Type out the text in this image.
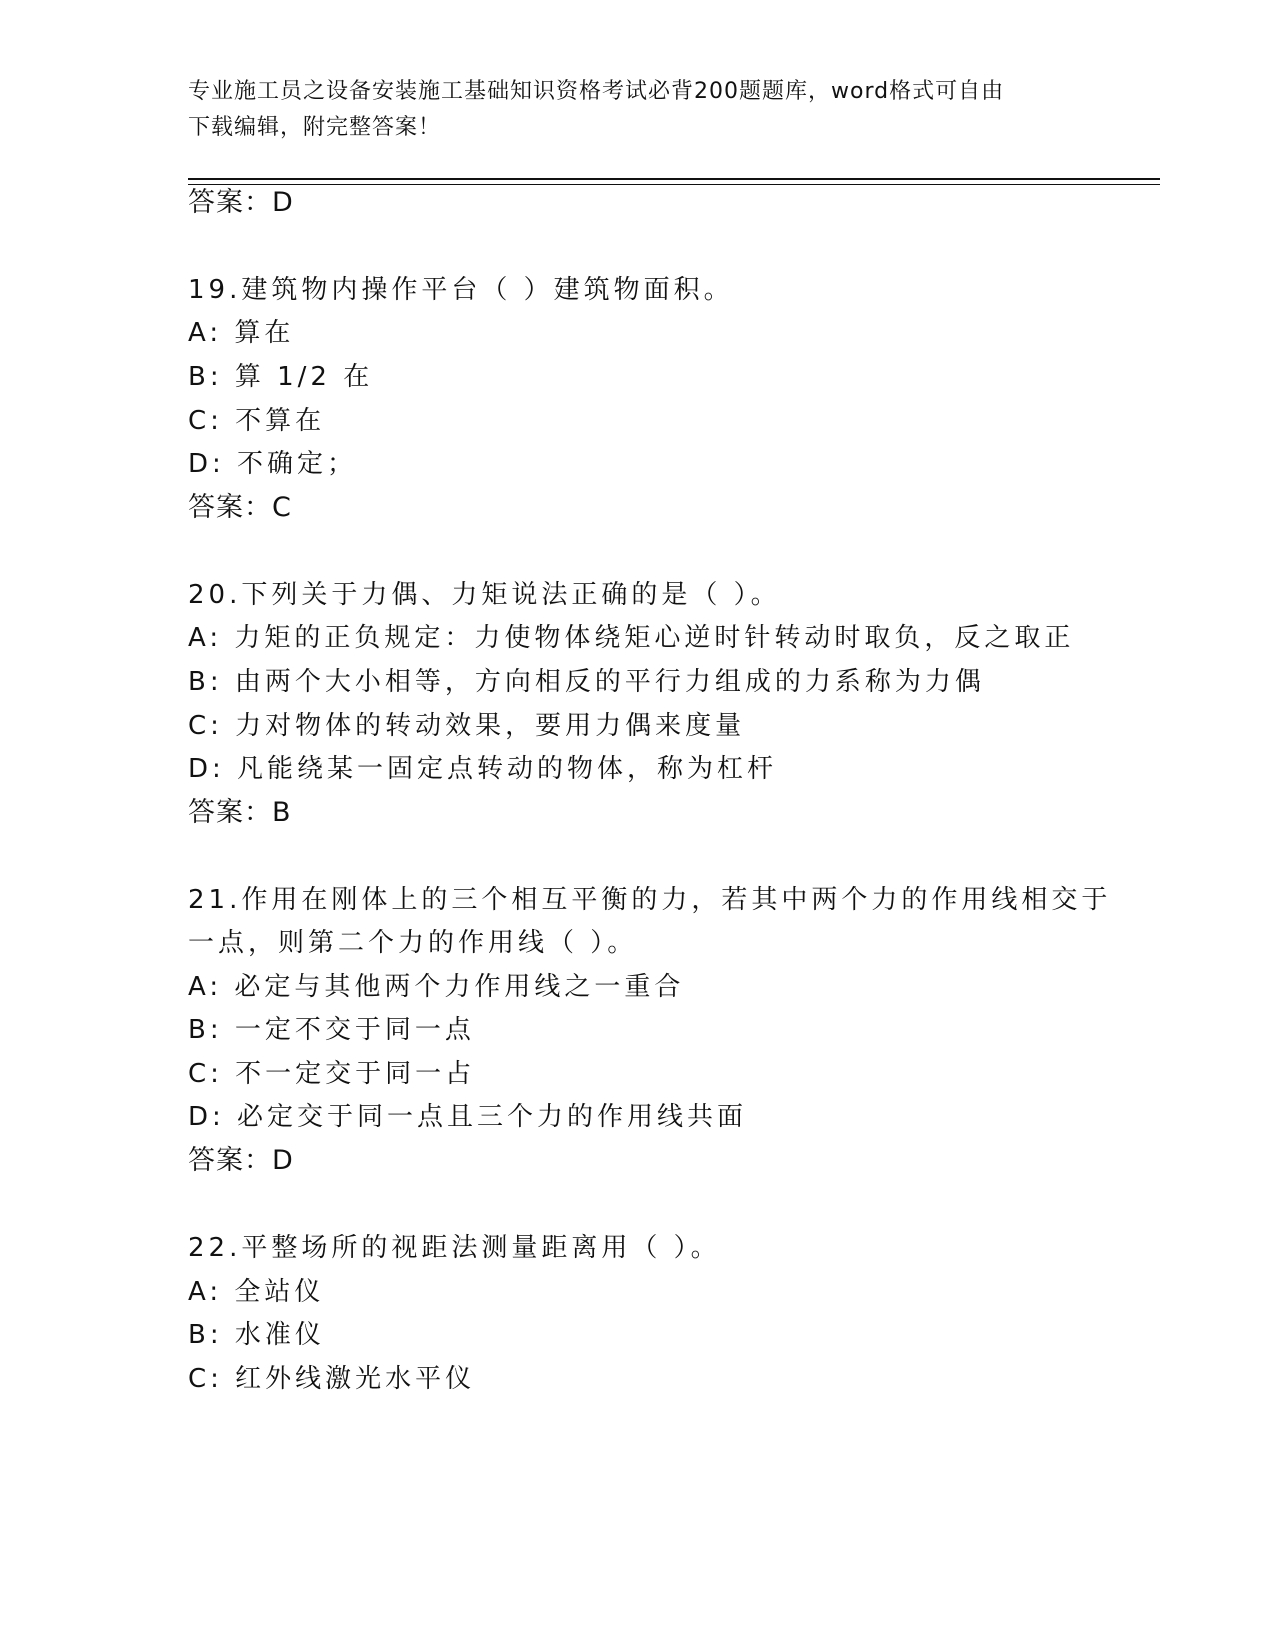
专业施工员之设备安装施工基础知识资格考试必背200题题库，word格式可自由
下载编辑，附完整答案！
答案：D
19.建筑物内操作平台（ ）建筑物面积。
A: 算在
B: 算 1/2 在
C: 不算在
D: 不确定；
答案：C
20.下列关于力偶、力矩说法正确的是（ ）。
A: 力矩的正负规定：力使物体绕矩心逆时针转动时取负，反之取正
B: 由两个大小相等，方向相反的平行力组成的力系称为力偶
C: 力对物体的转动效果，要用力偶来度量
D: 凡能绕某一固定点转动的物体，称为杠杆
答案：B
21.作用在刚体上的三个相互平衡的力，若其中两个力的作用线相交于
一点，则第二个力的作用线（ ）。
A: 必定与其他两个力作用线之一重合
B: 一定不交于同一点
C: 不一定交于同一占
D: 必定交于同一点且三个力的作用线共面
答案：D
22.平整场所的视距法测量距离用（ ）。
A: 全站仪
B: 水准仪
C: 红外线激光水平仪
